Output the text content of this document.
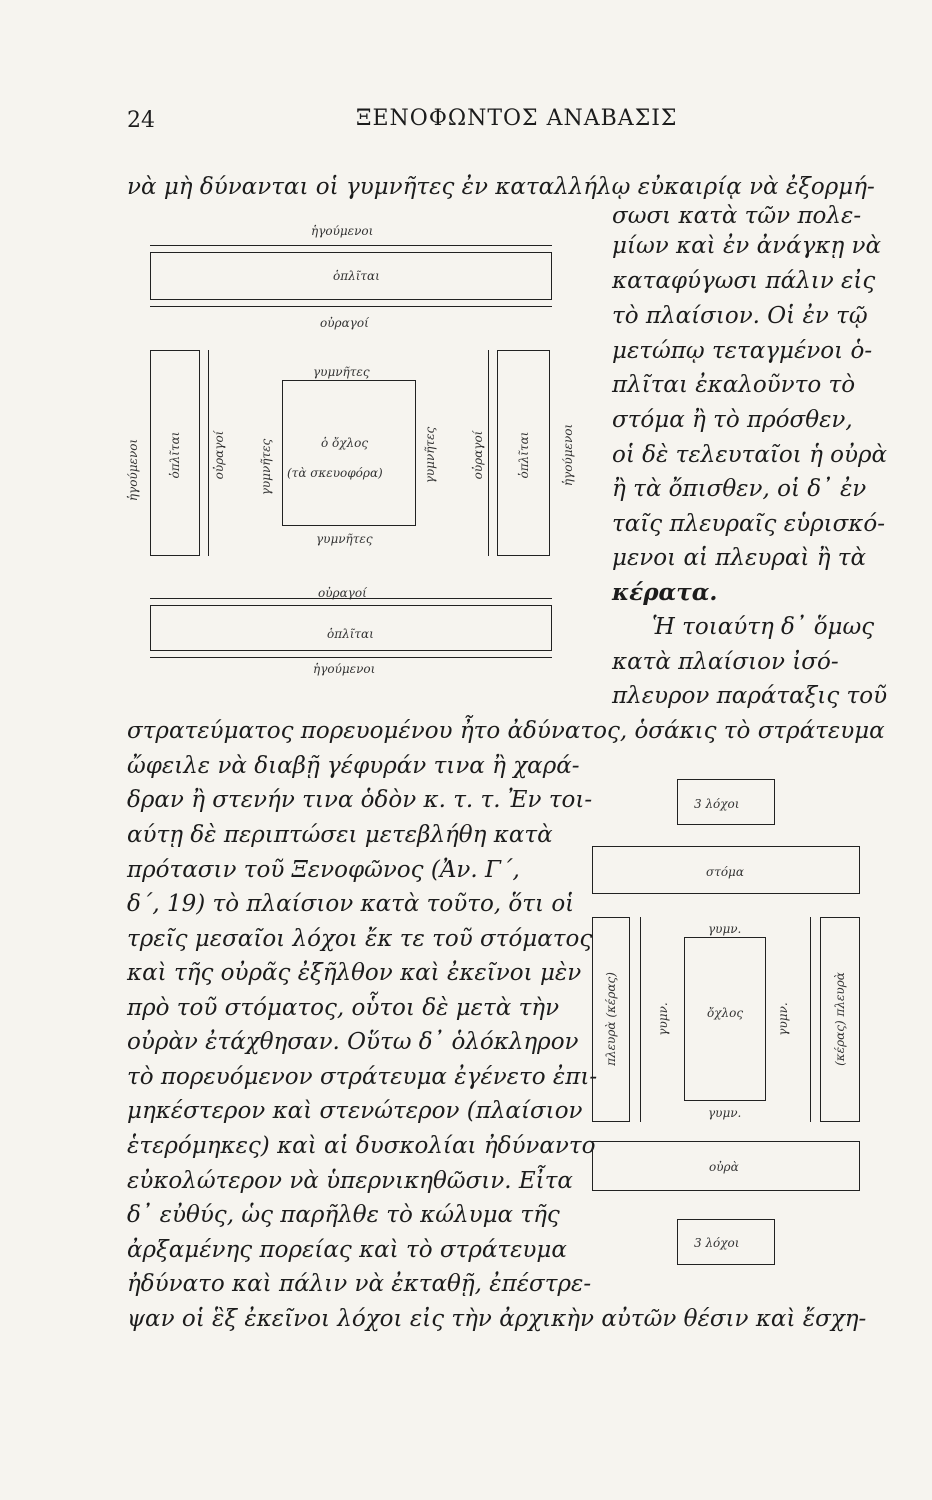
24	ΞΕΝΟΦΩΝΤΟΣ ΑΝΑΒΑΣΙΣ
νὰ μὴ δύνανται οἱ γυμνῆτες ἐν καταλλήλῳ εὐκαιρίᾳ νὰ ἐξορμή-
σωσι κατὰ τῶν πολε-
μίων καὶ ἐν ἀνάγκῃ νὰ
καταφύγωσι πάλιν εἰς
τὸ πλαίσιον. Οἱ ἐν τῷ
μετώπῳ τεταγμένοι ὁ-
πλῖται ἐκαλοῦντο τὸ
στόμα ἢ τὸ πρόσθεν,
οἱ δὲ τελευταῖοι ἡ οὐρὰ
ἢ τὰ ὄπισθεν, οἱ δ᾽ ἐν
ταῖς πλευραῖς εὑρισκό-
μενοι αἱ πλευραὶ ἢ τὰ
κέρατα.
Ἡ τοιαύτη δ᾽ ὅμως
κατὰ πλαίσιον ἰσό-
πλευρον παράταξις τοῦ
στρατεύματος πορευομένου ἦτο ἀδύνατος, ὁσάκις τὸ στράτευμα
ὤφειλε νὰ διαβῇ γέφυράν τινα ἢ χαρά-
δραν ἢ στενήν τινα ὁδὸν κ. τ. τ. Ἐν τοι-
αύτῃ δὲ περιπτώσει μετεβλήθη κατὰ
πρότασιν τοῦ Ξενοφῶνος (Ἀν. Γ΄,
δ΄, 19) τὸ πλαίσιον κατὰ τοῦτο, ὅτι οἱ
τρεῖς μεσαῖοι λόχοι ἔκ τε τοῦ στόματος
καὶ τῆς οὐρᾶς ἐξῆλθον καὶ ἐκεῖνοι μὲν
πρὸ τοῦ στόματος, οὗτοι δὲ μετὰ τὴν
οὐρὰν ἐτάχθησαν. Οὕτω δ᾽ ὁλόκληρον
τὸ πορευόμενον στράτευμα ἐγένετο ἐπι-
μηκέστερον καὶ στενώτερον (πλαίσιον
ἑτερόμηκες) καὶ αἱ δυσκολίαι ἠδύναντο
εὐκολώτερον νὰ ὑπερνικηθῶσιν. Εἶτα
δ᾽ εὐθύς, ὡς παρῆλθε τὸ κώλυμα τῆς
ἀρξαμένης πορείας καὶ τὸ στράτευμα
ἠδύνατο καὶ πάλιν νὰ ἐκταθῇ, ἐπέστρε-
ψαν οἱ ἓξ ἐκεῖνοι λόχοι εἰς τὴν ἀρχικὴν αὐτῶν θέσιν καὶ ἔσχη-
ἡγούμενοι
ὁπλῖται
οὐραγοί
ἡγούμενοι ὁπλῖται	οὐραγοί	γυμνῆτες
γυμνῆτες
ὁ ὄχλος
(τὰ σκευοφόρα)
γυμνῆτες
γυμνῆτες	οὐραγοί	ὁπλῖται	ἡγούμενοι
οὐραγοί
ὁπλῖται
ἡγούμενοι
3 λόχοι
στόμα
πλευρὰ (κέρας)	γυμν.
γυμν.
ὄχλος	γυμν.	(κέρας) πλευρὰ
γυμν.
οὐρὰ
3 λόχοι
